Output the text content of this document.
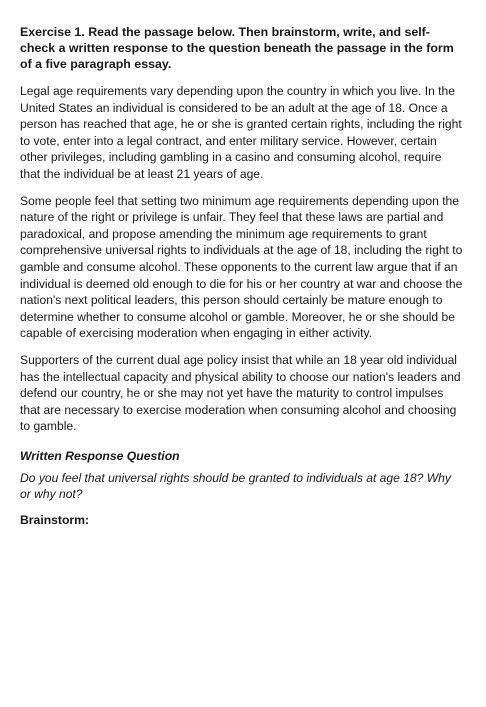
Exercise 1. Read the passage below. Then brainstorm, write, and self-check a written response to the question beneath the passage in the form of a five paragraph essay.

Legal age requirements vary depending upon the country in which you live. In the United States an individual is considered to be an adult at the age of 18. Once a person has reached that age, he or she is granted certain rights, including the right to vote, enter into a legal contract, and enter military service. However, certain other privileges, including gambling in a casino and consuming alcohol, require that the individual be at least 21 years of age.

Some people feel that setting two minimum age requirements depending upon the nature of the right or privilege is unfair. They feel that these laws are partial and paradoxical, and propose amending the minimum age requirements to grant comprehensive universal rights to individuals at the age of 18, including the right to gamble and consume alcohol. These opponents to the current law argue that if an individual is deemed old enough to die for his or her country at war and choose the nation's next political leaders, this person should certainly be mature enough to determine whether to consume alcohol or gamble. Moreover, he or she should be capable of exercising moderation when engaging in either activity.

Supporters of the current dual age policy insist that while an 18 year old individual has the intellectual capacity and physical ability to choose our nation's leaders and defend our country, he or she may not yet have the maturity to control impulses that are necessary to exercise moderation when consuming alcohol and choosing to gamble.

Written Response Question

Do you feel that universal rights should be granted to individuals at age 18? Why or why not?

Brainstorm:
